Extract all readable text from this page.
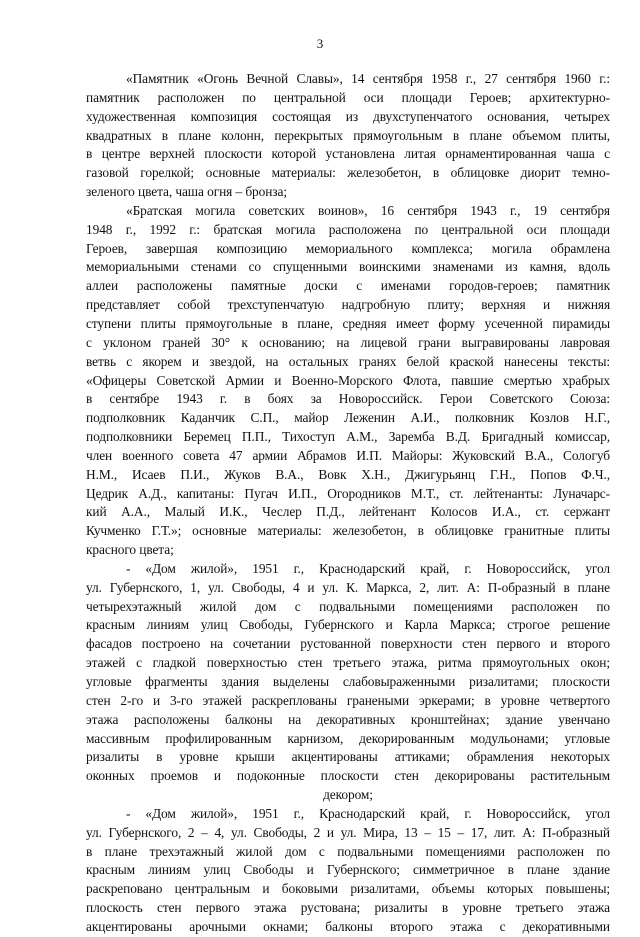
3
«Памятник «Огонь Вечной Славы», 14 сентября 1958 г., 27 сентября 1960 г.:
памятник расположен по центральной оси площади Героев; архитектурно-
художественная композиция состоящая из двухступенчатого основания, четырех
квадратных в плане колонн, перекрытых прямоугольным в плане объемом плиты,
в центре верхней плоскости которой установлена литая орнаментированная чаша с
газовой горелкой; основные материалы: железобетон, в облицовке диорит темно-
зеленого цвета, чаша огня – бронза;
«Братская могила советских воинов», 16 сентября 1943 г., 19 сентября
1948 г., 1992 г.: братская могила расположена по центральной оси площади
Героев, завершая композицию мемориального комплекса; могила обрамлена
мемориальными стенами со спущенными воинскими знаменами из камня, вдоль
аллеи расположены памятные доски с именами городов-героев; памятник
представляет собой трехступенчатую надгробную плиту; верхняя и нижняя
ступени плиты прямоугольные в плане, средняя имеет форму усеченной пирамиды
с уклоном граней 30° к основанию; на лицевой грани выгравированы лавровая
ветвь с якорем и звездой, на остальных гранях белой краской нанесены тексты:
«Офицеры Советской Армии и Военно-Морского Флота, павшие смертью храбрых
в сентябре 1943 г. в боях за Новороссийск. Герои Советского Союза:
подполковник Каданчик С.П., майор Леженин А.И., полковник Козлов Н.Г.,
подполковники Беремец П.П., Тихоступ А.М., Заремба В.Д. Бригадный комиссар,
член военного совета 47 армии Абрамов И.П. Майоры: Жуковский В.А., Сологуб
Н.М., Исаев П.И., Жуков В.А., Вовк Х.Н., Джигурьянц Г.Н., Попов Ф.Ч.,
Цедрик А.Д., капитаны: Пугач И.П., Огородников М.Т., ст. лейтенанты: Луначарс-
кий А.А., Малый И.К., Чеслер П.Д., лейтенант Колосов И.А., ст. сержант
Кучменко Г.Т.»; основные материалы: железобетон, в облицовке гранитные плиты
красного цвета;
- «Дом жилой», 1951 г., Краснодарский край, г. Новороссийск, угол
ул. Губернского, 1, ул. Свободы, 4 и ул. К. Маркса, 2, лит. А: П-образный в плане
четырехэтажный жилой дом с подвальными помещениями расположен по
красным линиям улиц Свободы, Губернского и Карла Маркса; строгое решение
фасадов построено на сочетании рустованной поверхности стен первого и второго
этажей с гладкой поверхностью стен третьего этажа, ритма прямоугольных окон;
угловые фрагменты здания выделены слабовыраженными ризалитами; плоскости
стен 2-го и 3-го этажей раскреплованы гранеными эркерами; в уровне четвертого
этажа расположены балконы на декоративных кронштейнах; здание увенчано
массивным профилированным карнизом, декорированным модульонами; угловые
ризалиты в уровне крыши акцентированы аттиками; обрамления некоторых
оконных проемов и подоконные плоскости стен декорированы растительным
декором;
- «Дом жилой», 1951 г., Краснодарский край, г. Новороссийск, угол
ул. Губернского, 2 – 4, ул. Свободы, 2 и ул. Мира, 13 – 15 – 17, лит. А: П-образный
в плане трехэтажный жилой дом с подвальными помещениями расположен по
красным линиям улиц Свободы и Губернского; симметричное в плане здание
раскреповано центральным и боковыми ризалитами, объемы которых повышены;
плоскость стен первого этажа рустована; ризалиты в уровне третьего этажа
акцентированы арочными окнами; балконы второго этажа с декоративными
